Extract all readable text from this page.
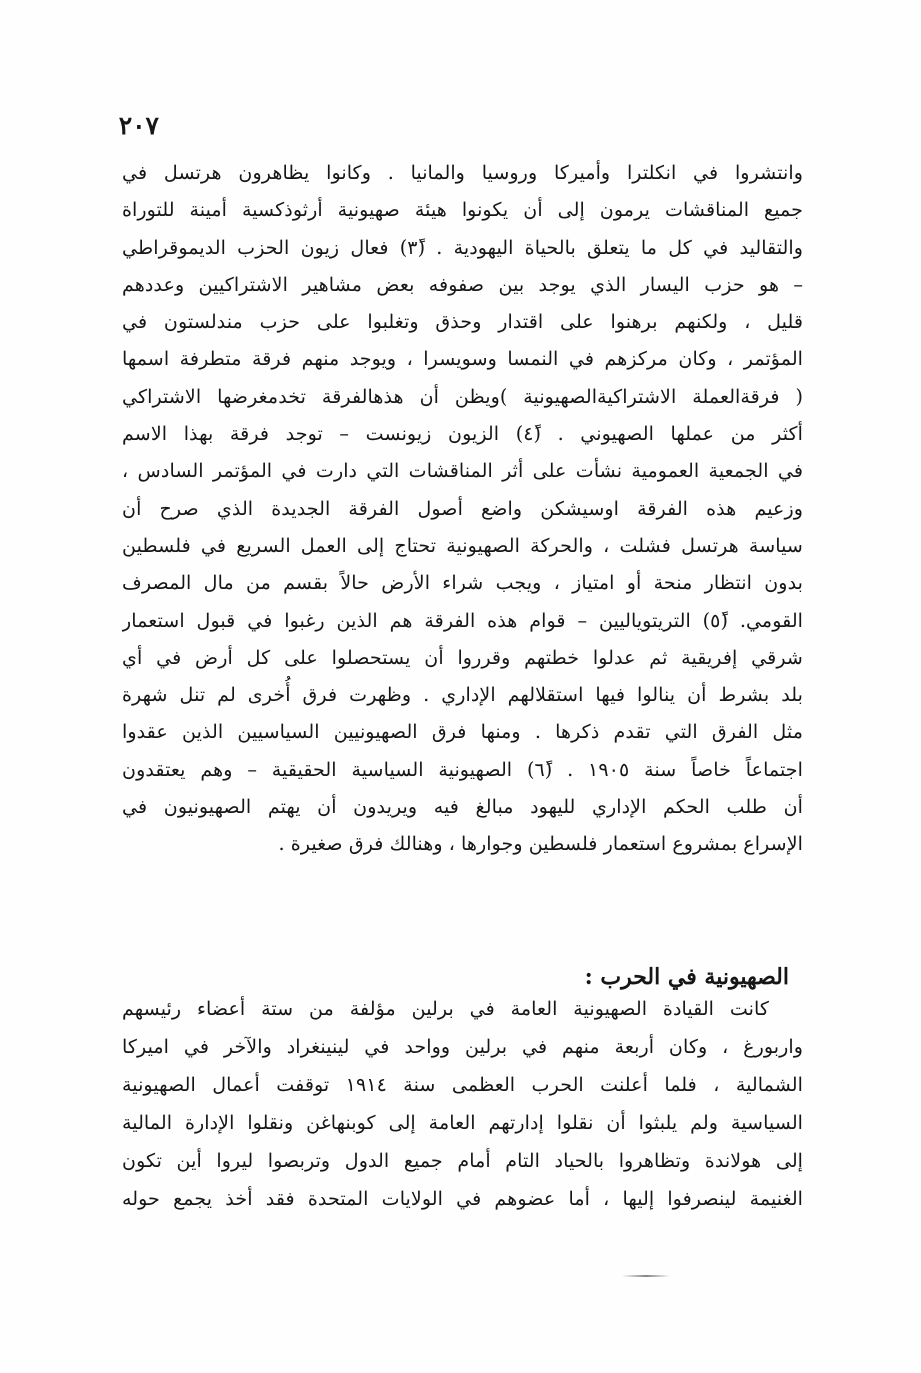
٢٠٧
وانتشروا في انكلترا وأميركا وروسيا والمانيا . وكانوا يظاهرون هرتسل في
جميع المناقشات يرمون إلى أن يكونوا هيئة صهيونية أرثوذكسية أمينة للتوراة
والتقاليد في كل ما يتعلق بالحياة اليهودية . (٣ً) فعال زيون الحزب الديموقراطي
– هو حزب اليسار الذي يوجد بين صفوفه بعض مشاهير الاشتراكيين وعددهم
قليل ، ولكنهم برهنوا على اقتدار وحذق وتغلبوا على حزب مندلستون في
المؤتمر ، وكان مركزهم في النمسا وسويسرا ، ويوجد منهم فرقة متطرفة اسمها
( فرقةالعملة الاشتراكيةالصهيونية )ويظن أن هذهالفرقة تخدمغرضها الاشتراكي
أكثر من عملها الصهيوني . (٤ً) الزيون زيونست – توجد فرقة بهذا الاسم
في الجمعية العمومية نشأت على أثر المناقشات التي دارت في المؤتمر السادس ،
وزعيم هذه الفرقة اوسيشكن واضع أصول الفرقة الجديدة الذي صرح أن
سياسة هرتسل فشلت ، والحركة الصهيونية تحتاج إلى العمل السريع في فلسطين
بدون انتظار منحة أو امتياز ، ويجب شراء الأرض حالاً بقسم من مال المصرف
القومي. (٥ً) التريتوياليين – قوام هذه الفرقة هم الذين رغبوا في قبول استعمار
شرقي إفريقية ثم عدلوا خطتهم وقرروا أن يستحصلوا على كل أرض في أي
بلد بشرط أن ينالوا فيها استقلالهم الإداري . وظهرت فرق أُخرى لم تنل شهرة
مثل الفرق التي تقدم ذكرها . ومنها فرق الصهيونيين السياسيين الذين عقدوا
اجتماعاً خاصاً سنة ١٩٠٥ . (٦ً) الصهيونية السياسية الحقيقية – وهم يعتقدون
أن طلب الحكم الإداري لليهود مبالغ فيه ويريدون أن يهتم الصهيونيون في
الإسراع بمشروع استعمار فلسطين وجوارها ، وهنالك فرق صغيرة .
الصهيونية في الحرب :
كانت القيادة الصهيونية العامة في برلين مؤلفة من ستة أعضاء رئيسهم
واربورغ ، وكان أربعة منهم في برلين وواحد في لينينغراد والآخر في اميركا
الشمالية ، فلما أعلنت الحرب العظمى سنة ١٩١٤ توقفت أعمال الصهيونية
السياسية ولم يلبثوا أن نقلوا إدارتهم العامة إلى كوبنهاغن ونقلوا الإدارة المالية
إلى هولاندة وتظاهروا بالحياد التام أمام جميع الدول وتربصوا ليروا أين تكون
الغنيمة لينصرفوا إليها ، أما عضوهم في الولايات المتحدة فقد أخذ يجمع حوله
